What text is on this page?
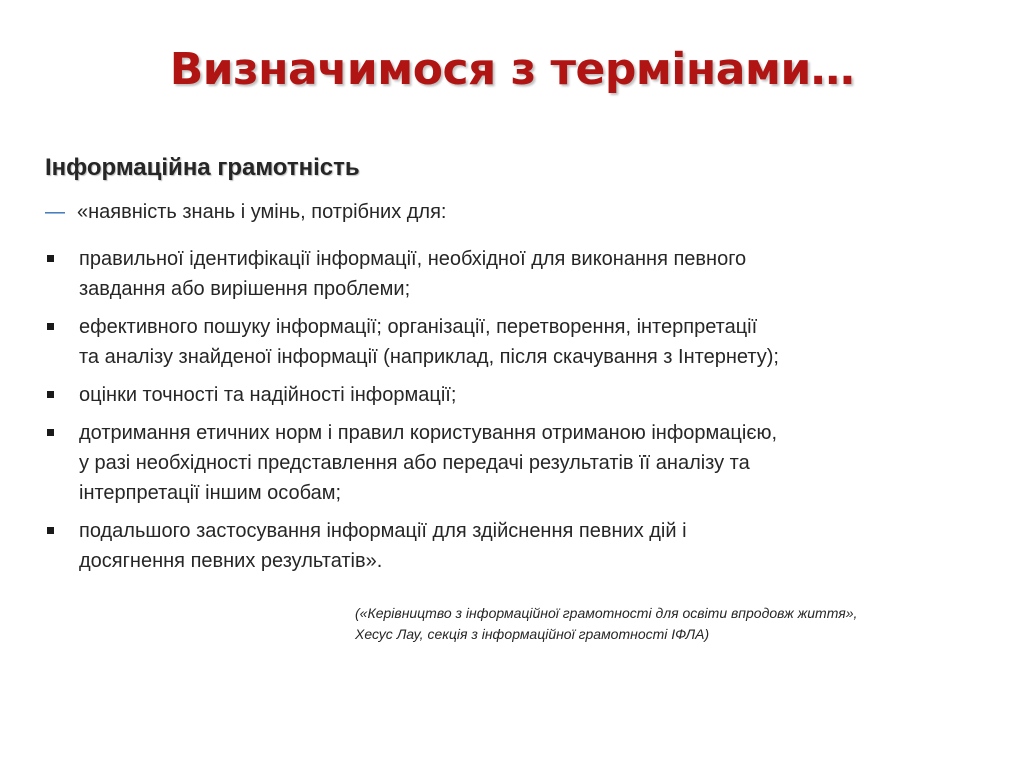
Визначимося з термінами…
Інформаційна грамотність
— «наявність знань і умінь, потрібних для:
правильної ідентифікації інформації, необхідної для виконання певного
завдання або вирішення проблеми;
ефективного пошуку інформації; організації, перетворення, інтерпретації
та аналізу знайденої інформації (наприклад, після скачування з Інтернету);
оцінки точності та надійності інформації;
дотримання етичних норм і правил користування отриманою інформацією,
у разі необхідності представлення або передачі результатів її аналізу та
інтерпретації іншим особам;
подальшого застосування інформації для здійснення певних дій і
досягнення певних результатів».
(«Керівництво з інформаційної грамотності для освіти впродовж життя»,
Хесус Лау, секція з інформаційної грамотності ІФЛА)
